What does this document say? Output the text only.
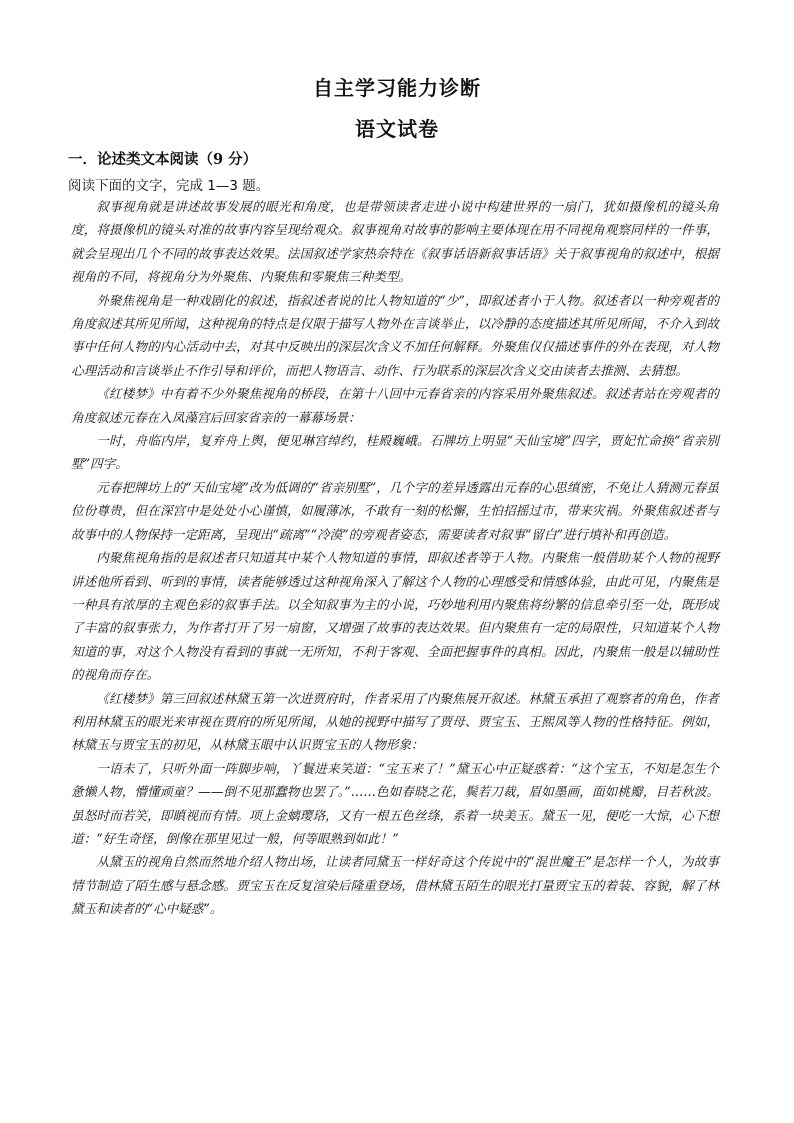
自主学习能力诊断
语文试卷
一．论述类文本阅读（9 分）
阅读下面的文字，完成 1—3 题。

叙事视角就是讲述故事发展的眼光和角度，也是带领读者走进小说中构建世界的一扇门，犹如摄像机的镜头角度，将摄像机的镜头对准的故事内容呈现给观众。叙事视角对故事的影响主要体现在用不同视角观察同样的一件事，就会呈现出几个不同的故事表达效果。法国叙述学家热奈特在《叙事话语新叙事话语》关于叙事视角的叙述中，根据视角的不同，将视角分为外聚焦、内聚焦和零聚焦三种类型。

外聚焦视角是一种戏剧化的叙述，指叙述者说的比人物知道的“少”，即叙述者小于人物。叙述者以一种旁观者的角度叙述其所见所闻，这种视角的特点是仅限于描写人物外在言谈举止，以冷静的态度描述其所见所闻，不介入到故事中任何人物的内心活动中去，对其中反映出的深层次含义不加任何解释。外聚焦仅仅描述事件的外在表现，对人物心理活动和言谈举止不作引导和评价，而把人物语言、动作、行为联系的深层次含义交由读者去推测、去猜想。

《红楼梦》中有着不少外聚焦视角的桥段，在第十八回中元春省亲的内容采用外聚焦叙述。叙述者站在旁观者的角度叙述元春在入凤藻宫后回家省亲的一幕幕场景：

一时，舟临内岸，复弃舟上舆，便见琳宫绰约，桂殿巍峨。石牌坊上明显“天仙宝境”四字，贾妃忙命换“省亲别墅”四字。

元春把牌坊上的“天仙宝境”改为低调的“省亲别墅”，几个字的差异透露出元春的心思缜密，不免让人猜测元春虽位份尊贵，但在深宫中是处处小心谨慎，如履薄冰，不敢有一刻的松懈，生怕招摇过市，带来灾祸。外聚焦叙述者与故事中的人物保持一定距离，呈现出“疏离”“冷漠”的旁观者姿态，需要读者对叙事“留白”进行填补和再创造。

内聚焦视角指的是叙述者只知道其中某个人物知道的事情，即叙述者等于人物。内聚焦一般借助某个人物的视野讲述他所看到、听到的事情，读者能够透过这种视角深入了解这个人物的心理感受和情感体验，由此可见，内聚焦是一种具有浓厚的主观色彩的叙事手法。以全知叙事为主的小说，巧妙地利用内聚焦将纷繁的信息牵引至一处，既形成了丰富的叙事张力，为作者打开了另一扇窗，又增强了故事的表达效果。但内聚焦有一定的局限性，只知道某个人物知道的事，对这个人物没有看到的事就一无所知，不利于客观、全面把握事件的真相。因此，内聚焦一般是以辅助性的视角而存在。

《红楼梦》第三回叙述林黛玉第一次进贾府时，作者采用了内聚焦展开叙述。林黛玉承担了观察者的角色，作者利用林黛玉的眼光来审视在贾府的所见所闻，从她的视野中描写了贾母、贾宝玉、王熙凤等人物的性格特征。例如，林黛玉与贾宝玉的初见，从林黛玉眼中认识贾宝玉的人物形象：

一语未了，只听外面一阵脚步响，丫鬟进来笑道：“宝玉来了！”黛玉心中正疑惑着：“这个宝玉，不知是怎生个惫懒人物，懵懂顽童？——倒不见那蠢物也罢了。”……色如春晓之花，鬓若刀裁，眉如墨画，面如桃瓣，目若秋波。虽怒时而若笑，即瞋视而有情。项上金螭璎珞，又有一根五色丝绦，系着一块美玉。黛玉一见，便吃一大惊，心下想道：“好生奇怪，倒像在那里见过一般，何等眼熟到如此！”

从黛玉的视角自然而然地介绍人物出场，让读者同黛玉一样好奇这个传说中的“混世魔王”是怎样一个人，为故事情节制造了陌生感与悬念感。贾宝玉在反复渲染后隆重登场，借林黛玉陌生的眼光打量贾宝玉的着装、容貌，解了林黛玉和读者的“心中疑惑”。
